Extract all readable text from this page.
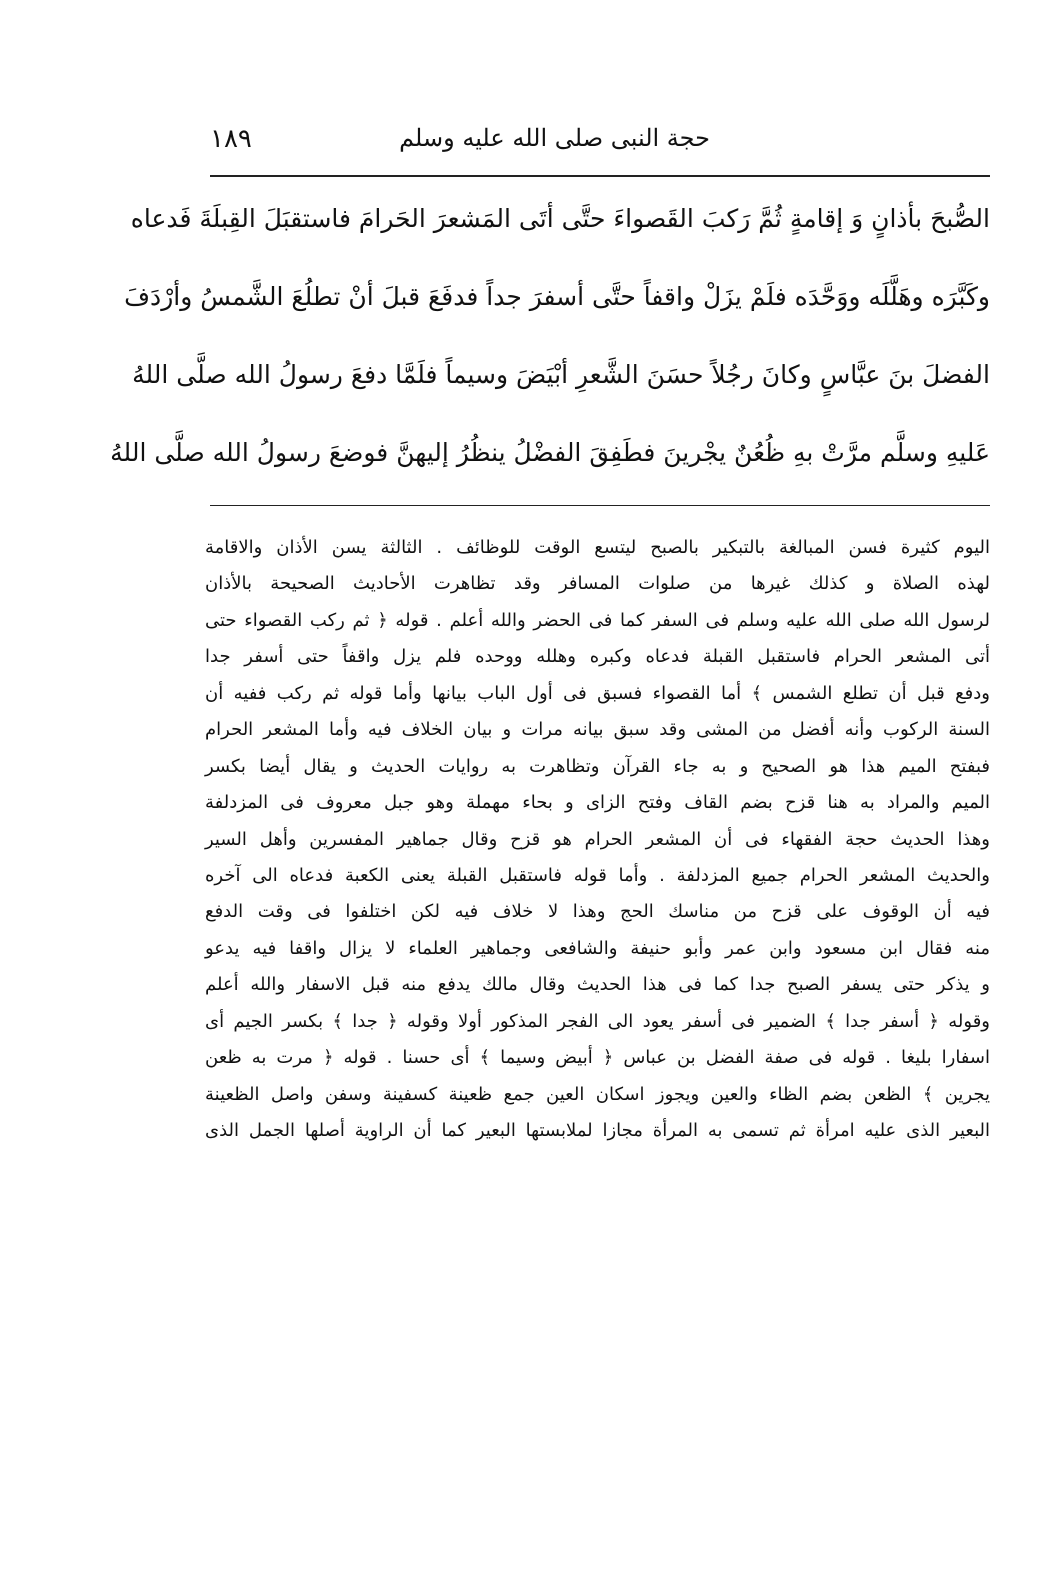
حجة النبى صلى الله عليه وسلم
١٨٩
الصُّبحَ بأذانٍ وَ إقامةٍ ثُمَّ رَكبَ القَصواءَ حتَّى أتَى المَشعرَ الحَرامَ فاستقبَلَ القِبلَةَ فَدعاه
وكَبَّرَه وهَلَّلَه ووَحَّدَه فلَمْ يزَلْ واقفاً حتَّى أسفرَ جداً فدفَعَ قبلَ أنْ تطلُعَ الشَّمسُ وأرْدَفَ
الفضلَ بنَ عبَّاسٍ وكانَ رجُلاً حسَنَ الشَّعرِ أبْيَضَ وسيماً فلَمَّا دفعَ رسولُ الله صلَّى اللهُ
عَليهِ وسلَّم مرَّتْ بهِ ظُعُنٌ يجْرينَ فطَفِقَ الفضْلُ ينظُرُ إليهنَّ فوضعَ رسولُ الله صلَّى اللهُ
اليوم كثيرة فسن المبالغة بالتبكير بالصبح ليتسع الوقت للوظائف . الثالثة يسن الأذان والاقامة
لهذه الصلاة و كذلك غيرها من صلوات المسافر وقد تظاهرت الأحاديث الصحيحة بالأذان
لرسول الله صلى الله عليه وسلم فى السفر كما فى الحضر والله أعلم . قوله ﴿ ثم ركب القصواء حتى
أتى المشعر الحرام فاستقبل القبلة فدعاه وكبره وهلله ووحده فلم يزل واقفاً حتى أسفر جدا
ودفع قبل أن تطلع الشمس ﴾ أما القصواء فسبق فى أول الباب بيانها وأما قوله ثم ركب ففيه أن
السنة الركوب وأنه أفضل من المشى وقد سبق بيانه مرات و بيان الخلاف فيه وأما المشعر الحرام
فبفتح الميم هذا هو الصحيح و به جاء القرآن وتظاهرت به روايات الحديث و يقال أيضا بكسر
الميم والمراد به هنا قزح بضم القاف وفتح الزاى و بحاء مهملة وهو جبل معروف فى المزدلفة
وهذا الحديث حجة الفقهاء فى أن المشعر الحرام هو قزح وقال جماهير المفسرين وأهل السير
والحديث المشعر الحرام جميع المزدلفة . وأما قوله فاستقبل القبلة يعنى الكعبة فدعاه الى آخره
فيه أن الوقوف على قزح من مناسك الحج وهذا لا خلاف فيه لكن اختلفوا فى وقت الدفع
منه فقال ابن مسعود وابن عمر وأبو حنيفة والشافعى وجماهير العلماء لا يزال واقفا فيه يدعو
و يذكر حتى يسفر الصبح جدا كما فى هذا الحديث وقال مالك يدفع منه قبل الاسفار والله أعلم
وقوله ﴿ أسفر جدا ﴾ الضمير فى أسفر يعود الى الفجر المذكور أولا وقوله ﴿ جدا ﴾ بكسر الجيم أى
اسفارا بليغا . قوله فى صفة الفضل بن عباس ﴿ أبيض وسيما ﴾ أى حسنا . قوله ﴿ مرت به ظعن
يجرين ﴾ الظعن بضم الظاء والعين ويجوز اسكان العين جمع ظعينة كسفينة وسفن واصل الظعينة
البعير الذى عليه امرأة ثم تسمى به المرأة مجازا لملابستها البعير كما أن الراوية أصلها الجمل الذى
